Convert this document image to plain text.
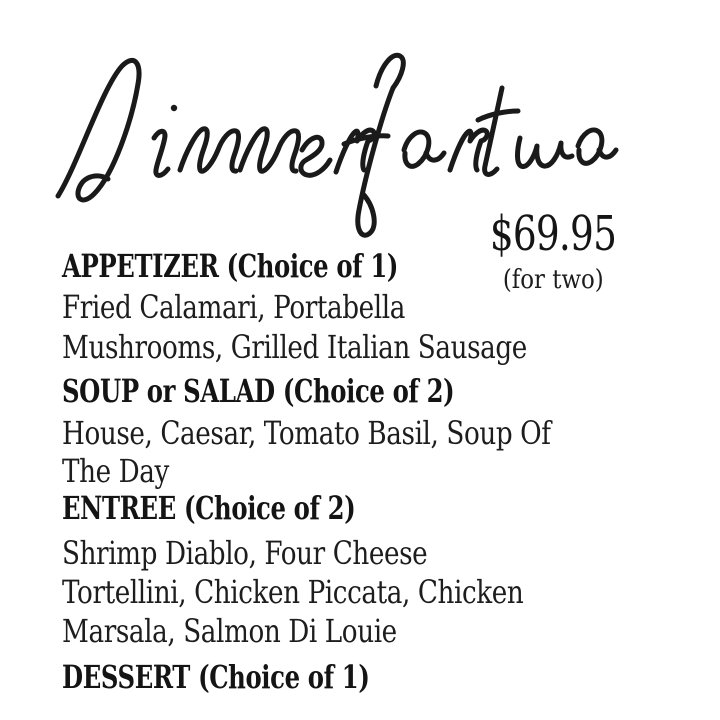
$69.95
(for two)
APPETIZER (Choice of 1)
Fried Calamari, Portabella
Mushrooms, Grilled Italian Sausage
SOUP or SALAD (Choice of 2)
House, Caesar, Tomato Basil, Soup Of
The Day
ENTREE (Choice of 2)
Shrimp Diablo, Four Cheese
Tortellini, Chicken Piccata, Chicken
Marsala, Salmon Di Louie
DESSERT (Choice of 1)
